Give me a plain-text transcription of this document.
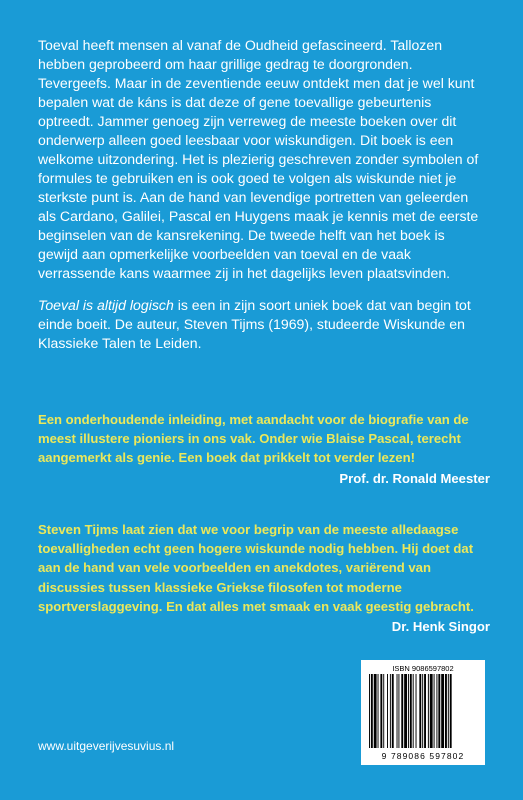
Toeval heeft mensen al vanaf de Oudheid gefascineerd. Tallozen hebben geprobeerd om haar grillige gedrag te doorgronden. Tevergeefs. Maar in de zeventiende eeuw ontdekt men dat je wel kunt bepalen wat de káns is dat deze of gene toevallige gebeurtenis optreedt. Jammer genoeg zijn verreweg de meeste boeken over dit onderwerp alleen goed leesbaar voor wiskundigen. Dit boek is een welkome uitzondering. Het is plezierig geschreven zonder symbolen of formules te gebruiken en is ook goed te volgen als wiskunde niet je sterkste punt is. Aan de hand van levendige portretten van geleerden als Cardano, Galilei, Pascal en Huygens maak je kennis met de eerste beginselen van de kansrekening. De tweede helft van het boek is gewijd aan opmerkelijke voorbeelden van toeval en de vaak verrassende kans waarmee zij in het dagelijks leven plaatsvinden.

Toeval is altijd logisch is een in zijn soort uniek boek dat van begin tot einde boeit. De auteur, Steven Tijms (1969), studeerde Wiskunde en Klassieke Talen te Leiden.

Een onderhoudende inleiding, met aandacht voor de biografie van de meest illustere pioniers in ons vak. Onder wie Blaise Pascal, terecht aangemerkt als genie. Een boek dat prikkelt tot verder lezen!
Prof. dr. Ronald Meester
Steven Tijms laat zien dat we voor begrip van de meeste alledaagse toevalligheden echt geen hogere wiskunde nodig hebben. Hij doet dat aan de hand van vele voorbeelden en anekdotes, variërend van discussies tussen klassieke Griekse filosofen tot moderne sportverslaggeving. En dat alles met smaak en vaak geestig gebracht.
Dr. Henk Singor
www.uitgeverijvesuvius.nl
ISBN 9086597802
9 789086 597802
